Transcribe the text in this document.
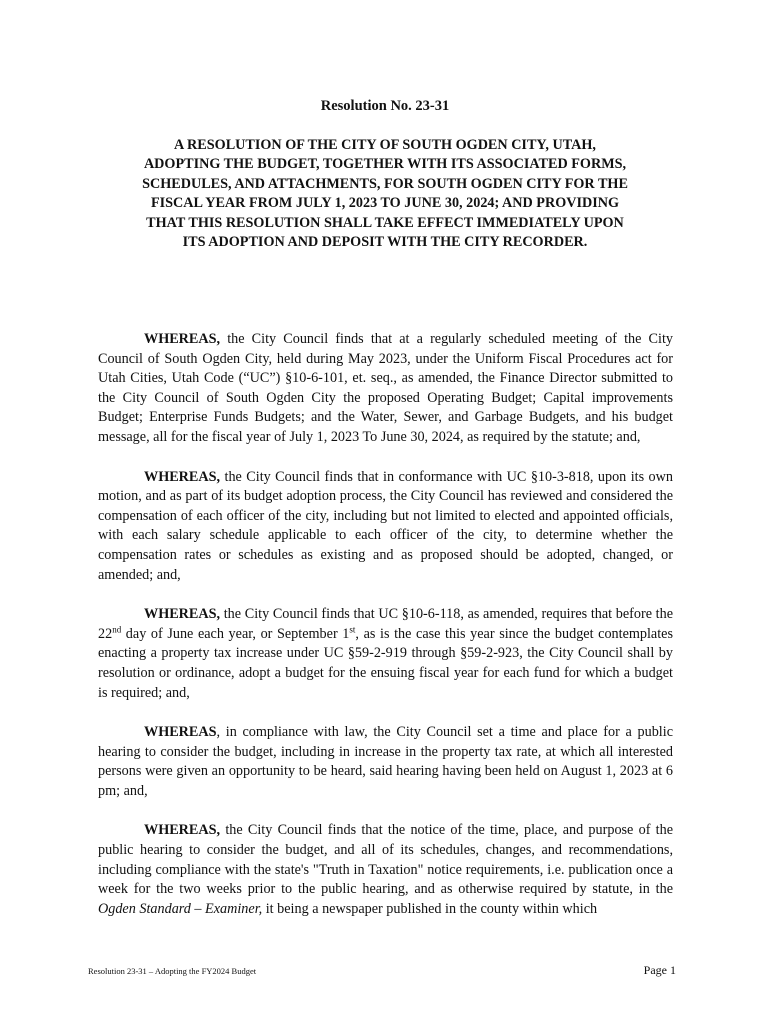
Resolution No. 23-31
A RESOLUTION OF THE CITY OF SOUTH OGDEN CITY, UTAH, ADOPTING THE BUDGET, TOGETHER WITH ITS ASSOCIATED FORMS, SCHEDULES, AND ATTACHMENTS, FOR SOUTH OGDEN CITY FOR THE FISCAL YEAR FROM JULY 1, 2023 TO JUNE 30, 2024; AND PROVIDING THAT THIS RESOLUTION SHALL TAKE EFFECT IMMEDIATELY UPON ITS ADOPTION AND DEPOSIT WITH THE CITY RECORDER.

WHEREAS, the City Council finds that at a regularly scheduled meeting of the City Council of South Ogden City, held during May 2023, under the Uniform Fiscal Procedures act for Utah Cities, Utah Code (“UC”) §10-6-101, et. seq., as amended, the Finance Director submitted to the City Council of South Ogden City the proposed Operating Budget; Capital improvements Budget; Enterprise Funds Budgets; and the Water, Sewer, and Garbage Budgets, and his budget message, all for the fiscal year of July 1, 2023 To June 30, 2024, as required by the statute; and,

WHEREAS, the City Council finds that in conformance with UC §10-3-818, upon its own motion, and as part of its budget adoption process, the City Council has reviewed and considered the compensation of each officer of the city, including but not limited to elected and appointed officials, with each salary schedule applicable to each officer of the city, to determine whether the compensation rates or schedules as existing and as proposed should be adopted, changed, or amended; and,

WHEREAS, the City Council finds that UC §10-6-118, as amended, requires that before the 22nd day of June each year, or September 1st, as is the case this year since the budget contemplates enacting a property tax increase under UC §59-2-919 through §59-2-923, the City Council shall by resolution or ordinance, adopt a budget for the ensuing fiscal year for each fund for which a budget is required; and,

WHEREAS, in compliance with law, the City Council set a time and place for a public hearing to consider the budget, including in increase in the property tax rate, at which all interested persons were given an opportunity to be heard, said hearing having been held on August 1, 2023 at 6 pm; and,

WHEREAS, the City Council finds that the notice of the time, place, and purpose of the public hearing to consider the budget, and all of its schedules, changes, and recommendations, including compliance with the state's "Truth in Taxation" notice requirements, i.e. publication once a week for the two weeks prior to the public hearing, and as otherwise required by statute, in the Ogden Standard – Examiner, it being a newspaper published in the county within which

Resolution 23-31 – Adopting the FY2024 Budget	Page 1
